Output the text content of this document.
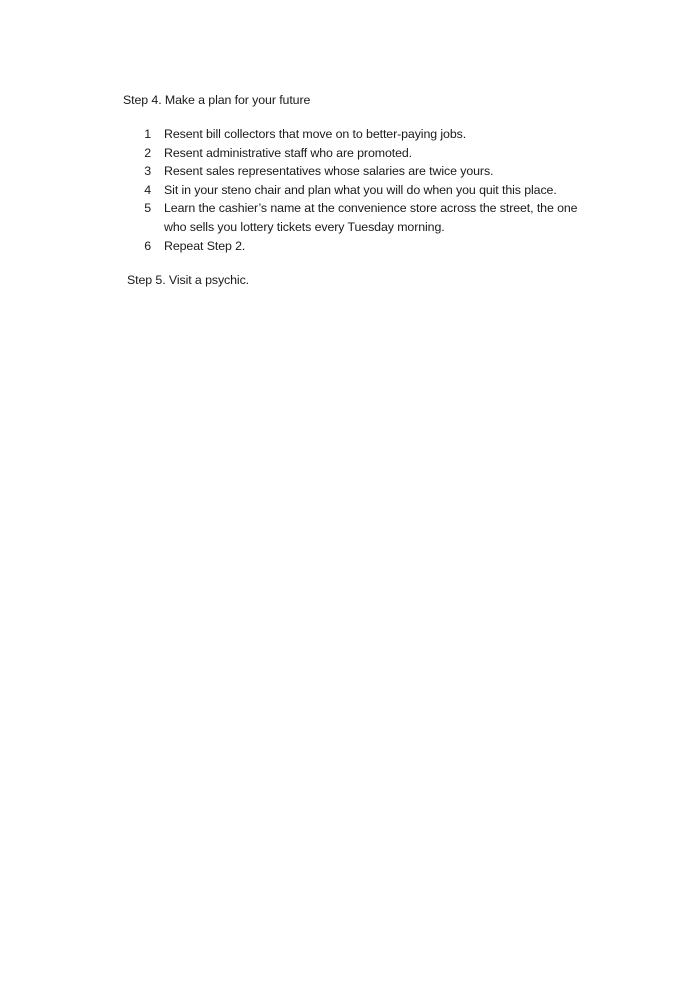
Step 4. Make a plan for your future
1 Resent bill collectors that move on to better-paying jobs.
2 Resent administrative staff who are promoted.
3 Resent sales representatives whose salaries are twice yours.
4 Sit in your steno chair and plan what you will do when you quit this place.
5 Learn the cashier’s name at the convenience store across the street, the one who sells you lottery tickets every Tuesday morning.
6 Repeat Step 2.
Step 5. Visit a psychic.
